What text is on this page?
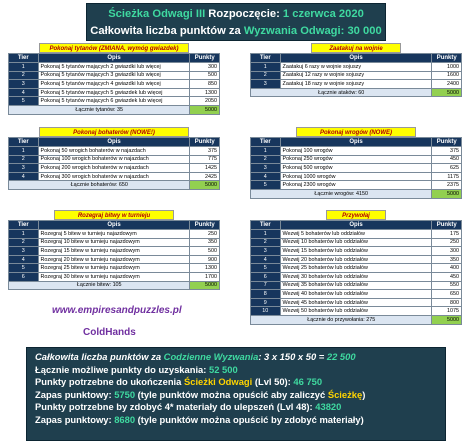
Ścieżka Odwagi III Rozpoczęcie: 1 czerwca 2020
Całkowita liczba punktów za Wyzwania Odwagi: 30 000
Pokonaj tytanów (ZMIANA, wymóg gwiazdek)
Tier	Opis	Punkty
1	Pokonaj 5 tytanów mających 2 gwiazdki lub więcej	300
2	Pokonaj 5 tytanów mających 3 gwiazdki lub więcej	500
3	Pokonaj 5 tytanów mających 4 gwiazdki lub więcej	850
4	Pokonaj 5 tytanów mających 5 gwiazdek lub więcej	1300
5	Pokonaj 5 tytanów mających 6 gwiazdek lub więcej	2050
Łącznie tytanów: 35		5000
Zaatakuj na wojnie
Tier	Opis	Punkty
1	Zaatakuj 6 razy w wojnie sojuszy	1000
2	Zaatakuj 12 razy w wojnie sojuszy	1600
3	Zaatakuj 18 razy w wojnie sojuszy	2400
Łącznie ataków: 60		5000
Pokonaj bohaterów (NOWE!)
Tier	Opis	Punkty
1	Pokonaj 50 wrogich bohaterów w najazdach	375
2	Pokonaj 100 wrogich bohaterów w najazdach	775
3	Pokonaj 200 wrogich bohaterów w najazdach	1425
4	Pokonaj 300 wrogich bohaterów w najazdach	2425
Łącznie bohaterów: 650		5000
Pokonaj wrogów (NOWE)
Tier	Opis	Punkty
1	Pokonaj 100 wrogów	375
2	Pokonaj 250 wrogów	450
3	Pokonaj 500 wrogów	625
4	Pokonaj 1000 wrogów	1175
5	Pokonaj 2300 wrogów	2375
Łącznie wrogów: 4150		5000
Rozegraj bitwy w turnieju
Tier	Opis	Punkty
1	Rozegraj 5 bitew w turnieju najazdowym	250
2	Rozegraj 10 bitew w turnieju najazdowym	350
3	Rozegraj 15 bitew w turnieju najazdowym	500
4	Rozegraj 20 bitew w turnieju najazdowym	900
5	Rozegraj 25 bitew w turnieju najazdowym	1300
6	Rozegraj 30 bitew w turnieju najazdowym	1700
Łącznie bitew: 105		5000
Przywołaj
Tier	Opis	Punkty
1	Wezwij 5 bohaterów lub oddziałów	175
2	Wezwij 10 bohaterów lub oddziałów	250
3	Wezwij 15 bohaterów lub oddziałów	300
4	Wezwij 20 bohaterów lub oddziałów	350
5	Wezwij 25 bohaterów lub oddziałów	400
6	Wezwij 30 bohaterów lub oddziałów	450
7	Wezwij 35 bohaterów lub oddziałów	550
8	Wezwij 40 bohaterów lub oddziałów	650
9	Wezwij 45 bohaterów lub oddziałów	800
10	Wezwij 50 bohaterów lub oddziałów	1075
Łącznie do przywołania: 275		5000
www.empiresandpuzzles.pl
ColdHands
Całkowita liczba punktów za Codzienne Wyzwania: 3 x 150 x 50 = 22 500
Łącznie możliwe punkty do uzyskania: 52 500
Punkty potrzebne do ukończenia Ścieżki Odwagi (Lvl 50): 46 750
Zapas punktowy: 5750 (tyle punktów można opuścić aby zaliczyć Ścieżkę)
Punkty potrzebne by zdobyć 4* materiały do ulepszeń (Lvl 48): 43820
Zapas punktowy: 8680 (tyle punktów można opuścić by zdobyć materiały)
